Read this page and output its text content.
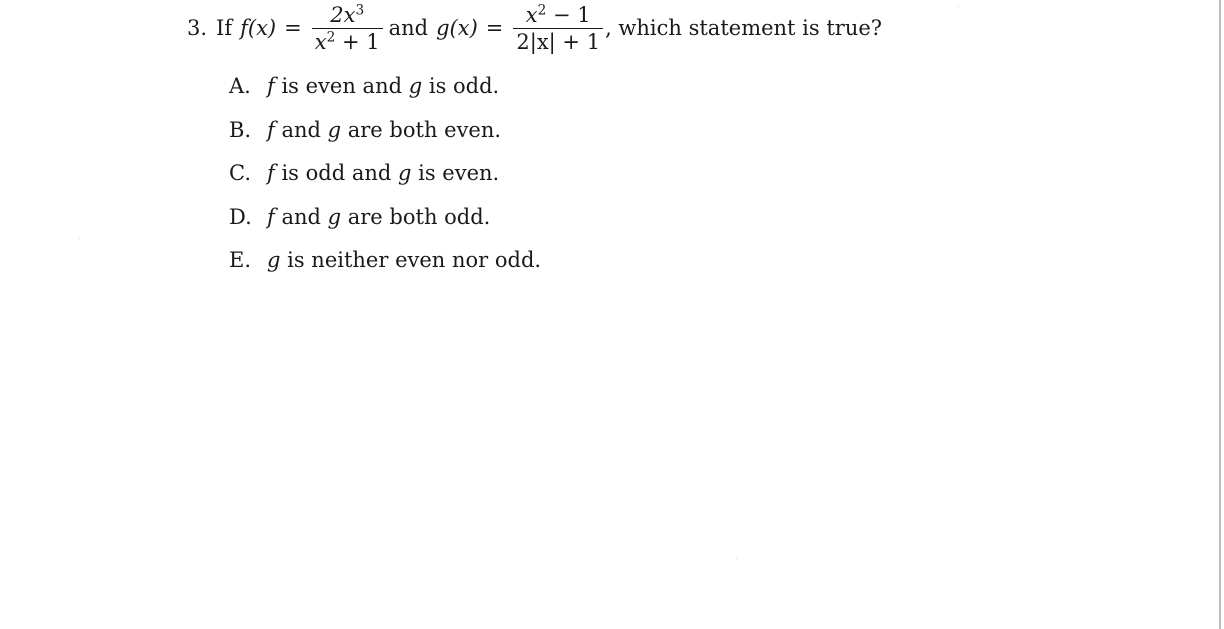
3. If $f(x) = \frac{2x^3}{x^2 + 1}$ and $g(x) = \frac{x^2 - 1}{2|x| + 1}$ , which statement is true?
A. f is even and g is odd.
B. f and g are both even.
C. f is odd and g is even.
D. f and g are both odd.
E. g is neither even nor odd.
